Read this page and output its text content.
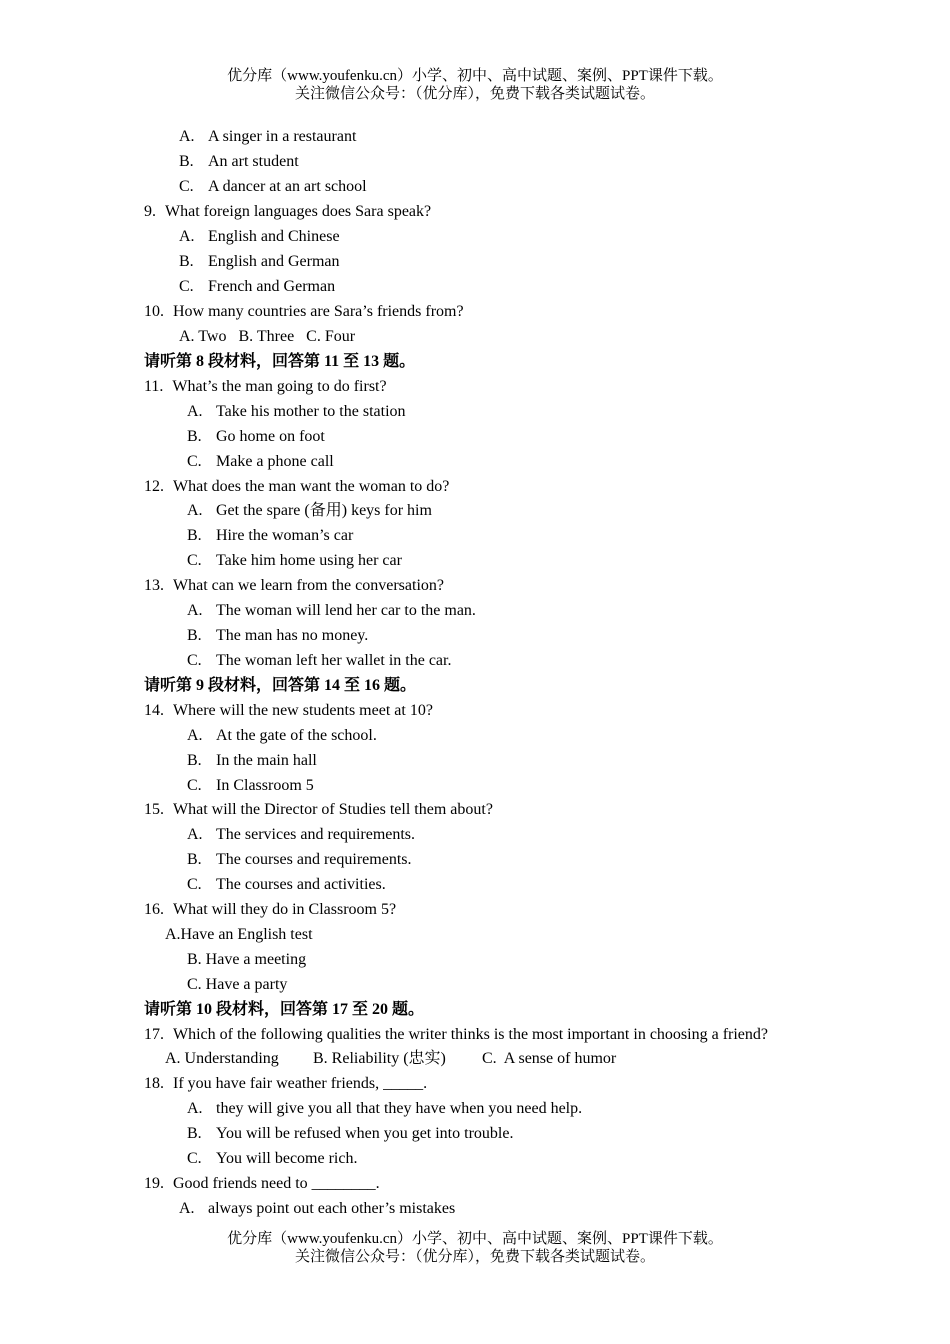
优分库（www.youfenku.cn）小学、初中、高中试题、案例、PPT课件下载。
关注微信公众号：（优分库），免费下载各类试题试卷。
A. A singer in a restaurant
B. An art student
C. A dancer at an art school
9. What foreign languages does Sara speak?
A. English and Chinese
B. English and German
C. French and German
10. How many countries are Sara’s friends from?
A. Two   B. Three   C. Four
请听第 8 段材料，回答第 11 至 13 题。
11. What’s the man going to do first?
A. Take his mother to the station
B. Go home on foot
C. Make a phone call
12. What does the man want the woman to do?
A. Get the spare (备用) keys for him
B. Hire the woman’s car
C. Take him home using her car
13. What can we learn from the conversation?
A. The woman will lend her car to the man.
B. The man has no money.
C. The woman left her wallet in the car.
请听第 9 段材料，回答第 14 至 16 题。
14. Where will the new students meet at 10?
A. At the gate of the school.
B. In the main hall
C. In Classroom 5
15. What will the Director of Studies tell them about?
A. The services and requirements.
B. The courses and requirements.
C. The courses and activities.
16. What will they do in Classroom 5?
A.Have an English test
B. Have a meeting
C. Have a party
请听第 10 段材料，回答第 17 至 20 题。
17. Which of the following qualities the writer thinks is the most important in choosing a friend?
A. Understanding B. Reliability (忠实) C.  A sense of humor
18. If you have fair weather friends, _____.
A. they will give you all that they have when you need help.
B. You will be refused when you get into trouble.
C. You will become rich.
19. Good friends need to ________.
A. always point out each other’s mistakes
优分库（www.youfenku.cn）小学、初中、高中试题、案例、PPT课件下载。
关注微信公众号：（优分库），免费下载各类试题试卷。
